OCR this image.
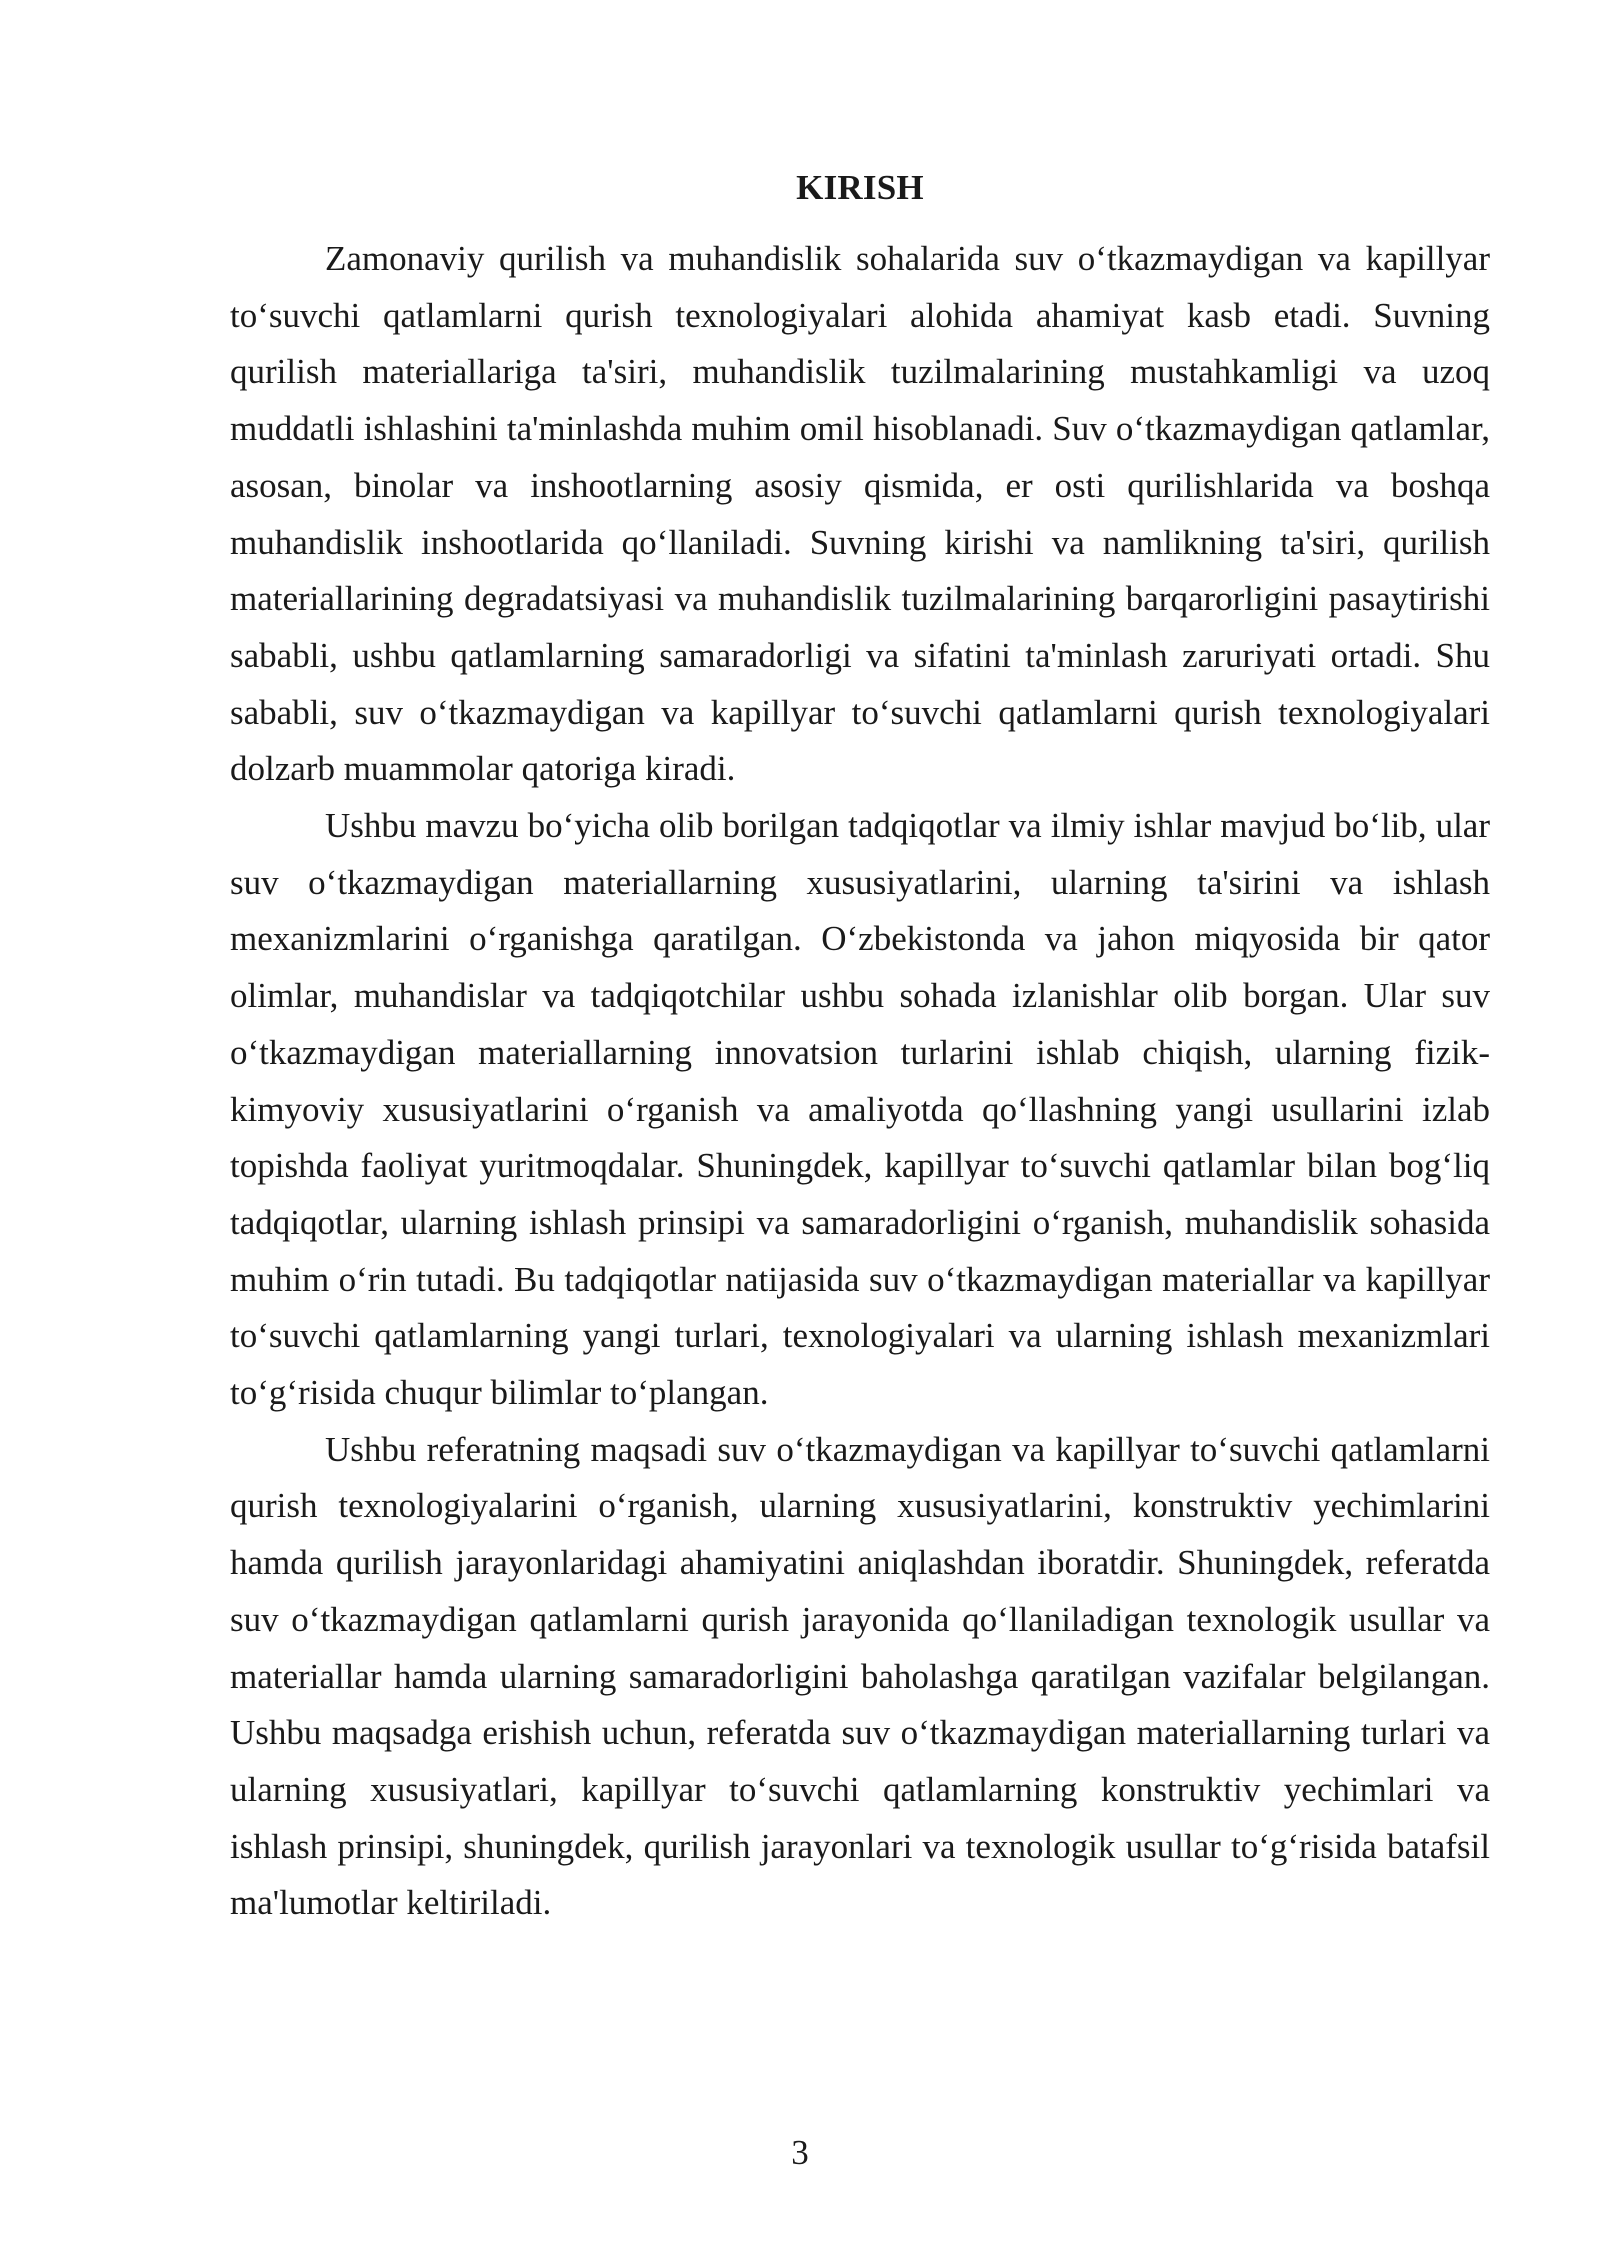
KIRISH

Zamonaviy qurilish va muhandislik sohalarida suv o‘tkazmaydigan va kapillyar to‘suvchi qatlamlarni qurish texnologiyalari alohida ahamiyat kasb etadi. Suvning qurilish materiallariga ta'siri, muhandislik tuzilmalarining mustahkamligi va uzoq muddatli ishlashini ta'minlashda muhim omil hisoblanadi. Suv o‘tkazmaydigan qatlamlar, asosan, binolar va inshootlarning asosiy qismida, er osti qurilishlarida va boshqa muhandislik inshootlarida qo‘llaniladi. Suvning kirishi va namlikning ta'siri, qurilish materiallarining degradatsiyasi va muhandislik tuzilmalarining barqarorligini pasaytirishi sababli, ushbu qatlamlarning samaradorligi va sifatini ta'minlash zaruriyati ortadi. Shu sababli, suv o‘tkazmaydigan va kapillyar to‘suvchi qatlamlarni qurish texnologiyalari dolzarb muammolar qatoriga kiradi.

Ushbu mavzu bo‘yicha olib borilgan tadqiqotlar va ilmiy ishlar mavjud bo‘lib, ular suv o‘tkazmaydigan materiallarning xususiyatlarini, ularning ta'sirini va ishlash mexanizmlarini o‘rganishga qaratilgan. O‘zbekistonda va jahon miqyosida bir qator olimlar, muhandislar va tadqiqotchilar ushbu sohada izlanishlar olib borgan. Ular suv o‘tkazmaydigan materiallarning innovatsion turlarini ishlab chiqish, ularning fizik-kimyoviy xususiyatlarini o‘rganish va amaliyotda qo‘llashning yangi usullarini izlab topishda faoliyat yuritmoqdalar. Shuningdek, kapillyar to‘suvchi qatlamlar bilan bog‘liq tadqiqotlar, ularning ishlash prinsipi va samaradorligini o‘rganish, muhandislik sohasida muhim o‘rin tutadi. Bu tadqiqotlar natijasida suv o‘tkazmaydigan materiallar va kapillyar to‘suvchi qatlamlarning yangi turlari, texnologiyalari va ularning ishlash mexanizmlari to‘g‘risida chuqur bilimlar to‘plangan.

Ushbu referatning maqsadi suv o‘tkazmaydigan va kapillyar to‘suvchi qatlamlarni qurish texnologiyalarini o‘rganish, ularning xususiyatlarini, konstruktiv yechimlarini hamda qurilish jarayonlaridagi ahamiyatini aniqlashdan iboratdir. Shuningdek, referatda suv o‘tkazmaydigan qatlamlarni qurish jarayonida qo‘llaniladigan texnologik usullar va materiallar hamda ularning samaradorligini baholashga qaratilgan vazifalar belgilangan. Ushbu maqsadga erishish uchun, referatda suv o‘tkazmaydigan materiallarning turlari va ularning xususiyatlari, kapillyar to‘suvchi qatlamlarning konstruktiv yechimlari va ishlash prinsipi, shuningdek, qurilish jarayonlari va texnologik usullar to‘g‘risida batafsil ma'lumotlar keltiriladi.

3
